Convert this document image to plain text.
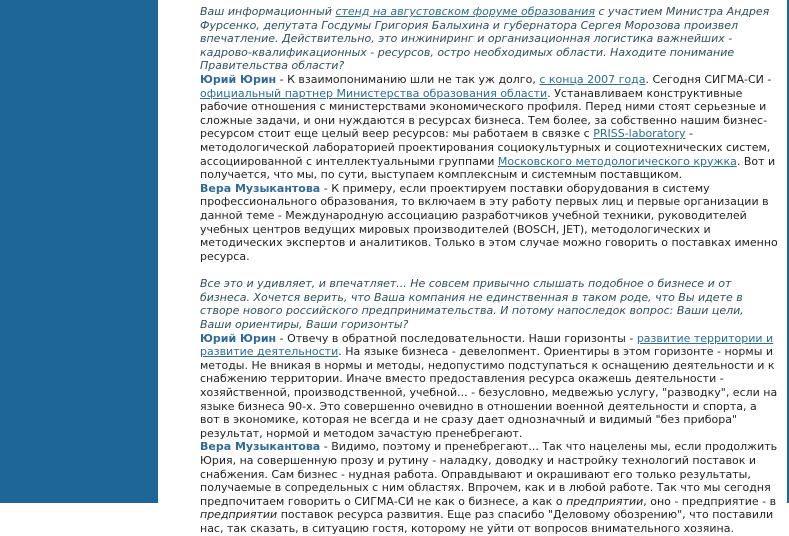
Ваш информационный стенд на августовском форуме образования с участием Министра Андрея Фурсенко, депутата Госдумы Григория Балыхина и губернатора Сергея Морозова произвел впечатление. Действительно, это инжиниринг и организационная логистика важнейших - кадрово-квалификационных - ресурсов, остро необходимых области. Находите понимание Правительства области?

Юрий Юрин - К взаимопониманию шли не так уж долго, с конца 2007 года. Сегодня СИГМА-СИ - официальный партнер Министерства образования области. Устанавливаем конструктивные рабочие отношения с министерствами экономического профиля. Перед ними стоят серьезные и сложные задачи, и они нуждаются в ресурсах бизнеса. Тем более, за собственно нашим бизнес-ресурсом стоит еще целый веер ресурсов: мы работаем в связке с PRISS-laboratory - методологической лабораторией проектирования социокультурных и социотехнических систем, ассоциированной с интеллектуальными группами Московского методологического кружка. Вот и получается, что мы, по сути, выступаем комплексным и системным поставщиком.

Вера Музыкантова - К примеру, если проектируем поставки оборудования в систему профессионального образования, то включаем в эту работу первых лиц и первые организации в данной теме - Международную ассоциацию разработчиков учебной техники, руководителей учебных центров ведущих мировых производителей (BOSCH, JET), методологических и методических экспертов и аналитиков. Только в этом случае можно говорить о поставках именно ресурса.

Все это и удивляет, и впечатляет... Не совсем привычно слышать подобное о бизнесе и от бизнеса. Хочется верить, что Ваша компания не единственная в таком роде, что Вы идете в створе нового российского предпринимательства. И потому напоследок вопрос: Ваши цели, Ваши ориентиры, Ваши горизонты?

Юрий Юрин - Отвечу в обратной последовательности. Наши горизонты - развитие территории и развитие деятельности. На языке бизнеса - девелопмент. Ориентиры в этом горизонте - нормы и методы. Не вникая в нормы и методы, недопустимо подступаться к оснащению деятельности и к снабжению территории. Иначе вместо предоставления ресурса окажешь деятельности - хозяйственной, производственной, учебной... - безусловно, медвежью услугу, "разводку", если на языке бизнеса 90-х. Это совершенно очевидно в отношении военной деятельности и спорта, а вот в экономике, которая не всегда и не сразу дает однозначный и видимый "без прибора" результат, нормой и методом зачастую пренебрегают.

Вера Музыкантова - Видимо, поэтому и пренебрегают... Так что нацелены мы, если продолжить Юрия, на совершенную прозу и рутину - наладку, доводку и настройку технологий поставок и снабжения. Сам бизнес - нудная работа. Оправдывают и окрашивают его только результаты, получаемые в сопредельных с ним областях. Впрочем, как и в любой работе. Так что мы сегодня предпочитаем говорить о СИГМА-СИ не как о бизнесе, а как о предприятии, оно - предприятие - в предприятии поставок ресурса развития. Еще раз спасибо "Деловому обозрению", что поставили нас, так сказать, в ситуацию гостя, которому не уйти от вопросов внимательного хозяина.
